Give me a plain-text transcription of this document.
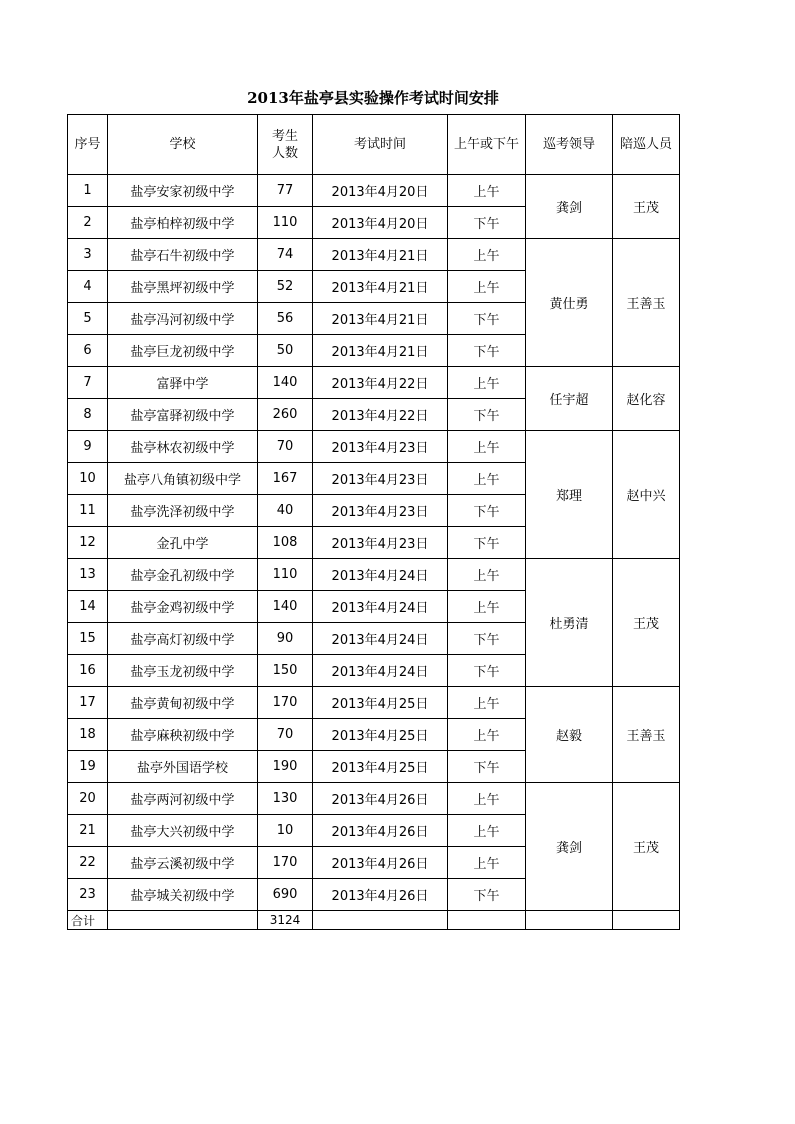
2013年盐亭县实验操作考试时间安排
序号	学校	考生人数	考试时间	上午或下午	巡考领导	陪巡人员
1	盐亭安家初级中学	77	2013年4月20日	上午	龚剑	王茂
2	盐亭柏梓初级中学	110	2013年4月20日	下午		
3	盐亭石牛初级中学	74	2013年4月21日	上午	黄仕勇	王善玉
4	盐亭黑坪初级中学	52	2013年4月21日	上午		
5	盐亭冯河初级中学	56	2013年4月21日	下午		
6	盐亭巨龙初级中学	50	2013年4月21日	下午		
7	富驿中学	140	2013年4月22日	上午	任宇超	赵化容
8	盐亭富驿初级中学	260	2013年4月22日	下午		
9	盐亭林农初级中学	70	2013年4月23日	上午	郑理	赵中兴
10	盐亭八角镇初级中学	167	2013年4月23日	上午		
11	盐亭洗泽初级中学	40	2013年4月23日	下午		
12	金孔中学	108	2013年4月23日	下午		
13	盐亭金孔初级中学	110	2013年4月24日	上午	杜勇清	王茂
14	盐亭金鸡初级中学	140	2013年4月24日	上午		
15	盐亭高灯初级中学	90	2013年4月24日	下午		
16	盐亭玉龙初级中学	150	2013年4月24日	下午		
17	盐亭黄甸初级中学	170	2013年4月25日	上午	赵毅	王善玉
18	盐亭麻秧初级中学	70	2013年4月25日	上午		
19	盐亭外国语学校	190	2013年4月25日	下午		
20	盐亭两河初级中学	130	2013年4月26日	上午	龚剑	王茂
21	盐亭大兴初级中学	10	2013年4月26日	上午		
22	盐亭云溪初级中学	170	2013年4月26日	上午		
23	盐亭城关初级中学	690	2013年4月26日	下午		
合计		3124				
